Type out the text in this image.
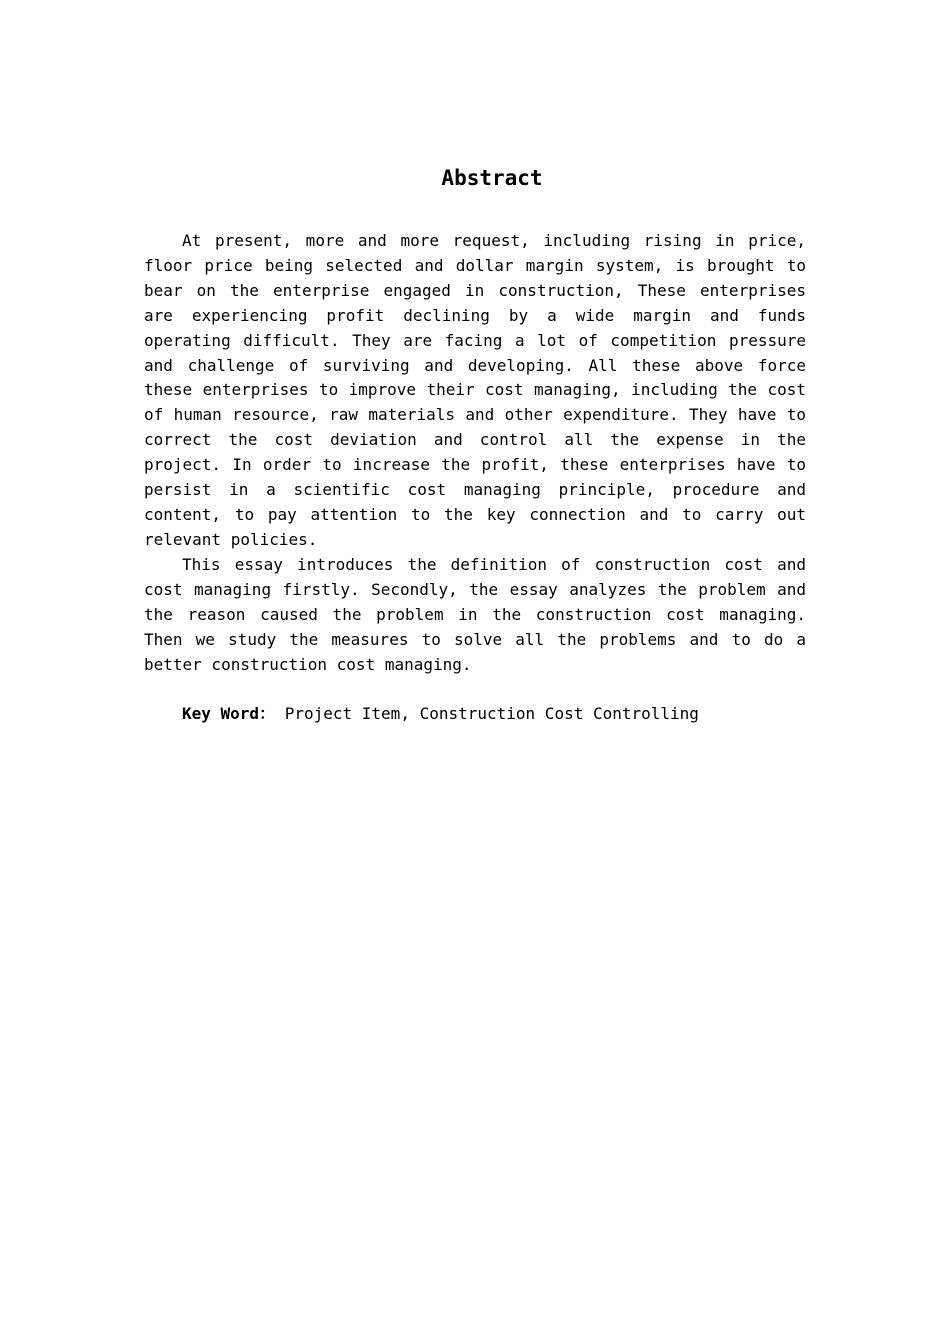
Abstract

At present, more and more request, including rising in price, floor price being selected and dollar margin system, is brought to bear on the enterprise engaged in construction, These enterprises are experiencing profit declining by a wide margin and funds operating difficult. They are facing a lot of competition pressure and challenge of surviving and developing. All these above force these enterprises to improve their cost managing, including the cost of human resource, raw materials and other expenditure. They have to correct the cost deviation and control all the expense in the project. In order to increase the profit, these enterprises have to persist in a scientific cost managing principle, procedure and content, to pay attention to the key connection and to carry out relevant policies.

This essay introduces the definition of construction cost and cost managing firstly. Secondly, the essay analyzes the problem and the reason caused the problem in the construction cost managing. Then we study the measures to solve all the problems and to do a better construction cost managing.

Key Word： Project Item, Construction Cost Controlling
